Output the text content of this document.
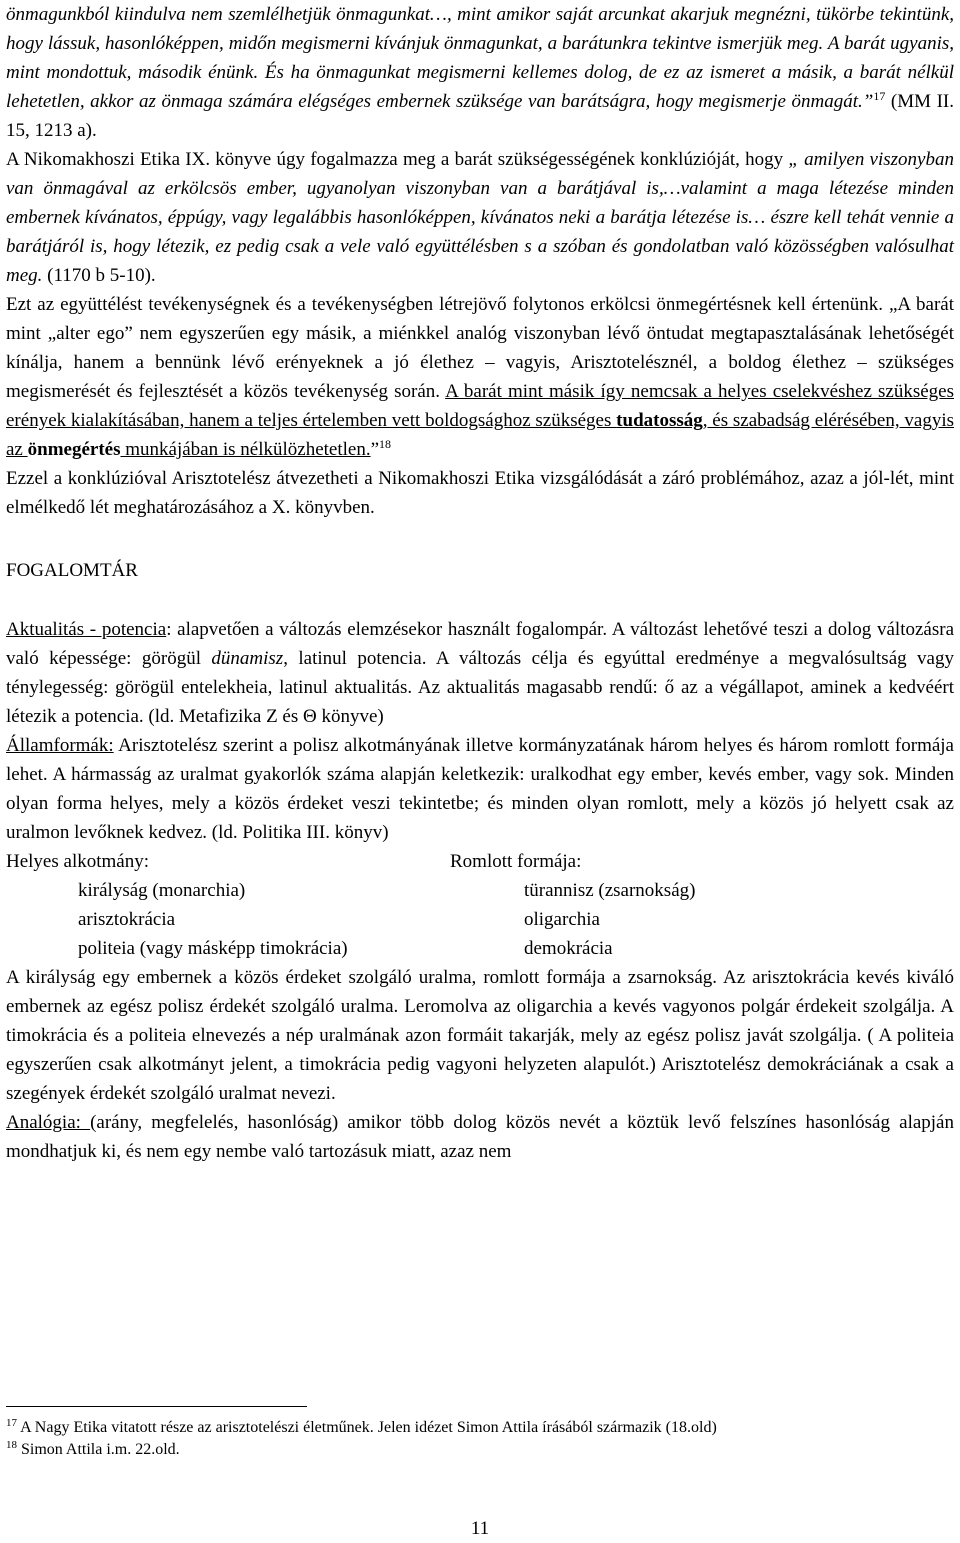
önmagunkból kiindulva nem szemlélhetjük önmagunkat…, mint amikor saját arcunkat akarjuk megnézni, tükörbe tekintünk, hogy lássuk, hasonlóképpen, midőn megismerni kívánjuk önmagunkat, a barátunkra tekintve ismerjük meg. A barát ugyanis, mint mondottuk, második énünk. És ha önmagunkat megismerni kellemes dolog, de ez az ismeret a másik, a barát nélkül lehetetlen, akkor az önmaga számára elégséges embernek szüksége van barátságra, hogy megismerje önmagát.”$^{17}$ (MM II. 15, 1213 a).

A Nikomakhoszi Etika IX. könyve úgy fogalmazza meg a barát szükségességének konklúzióját, hogy „ amilyen viszonyban van önmagával az erkölcsös ember, ugyanolyan viszonyban van a barátjával is,…valamint a maga létezése minden embernek kívánatos, éppúgy, vagy legalábbis hasonlóképpen, kívánatos neki a barátja létezése is… észre kell tehát vennie a barátjáról is, hogy létezik, ez pedig csak a vele való együttélésben s a szóban és gondolatban való közösségben valósulhat meg. (1170 b 5-10).

Ezt az együttélést tevékenységnek és a tevékenységben létrejövő folytonos erkölcsi önmegértésnek kell értenünk. „A barát mint „alter ego” nem egyszerűen egy másik, a miénkkel analóg viszonyban lévő öntudat megtapasztalásának lehetőségét kínálja, hanem a bennünk lévő erényeknek a jó élethez – vagyis, Arisztotelésznél, a boldog élethez – szükséges megismerését és fejlesztését a közös tevékenység során. A barát mint másik így nemcsak a helyes cselekvéshez szükséges erények kialakításában, hanem a teljes értelemben vett boldogsághoz szükséges tudatosság, és szabadság elérésében, vagyis az önmegértés munkájában is nélkülözhetetlen.”$^{18}$

Ezzel a konklúzióval Arisztotelész átvezetheti a Nikomakhoszi Etika vizsgálódását a záró problémához, azaz a jól-lét, mint elmélkedő lét meghatározásához a X. könyvben.

FOGALOMTÁR

Aktualitás - potencia: alapvetően a változás elemzésekor használt fogalompár. A változást lehetővé teszi a dolog változásra való képessége: görögül dünamisz, latinul potencia. A változás célja és egyúttal eredménye a megvalósultság vagy ténylegesség: görögül entelekheia, latinul aktualitás. Az aktualitás magasabb rendű: ő az a végállapot, aminek a kedvéért létezik a potencia. (ld. Metafizika Z és Θ könyve)

Államformák: Arisztotelész szerint a polisz alkotmányának illetve kormányzatának három helyes és három romlott formája lehet. A hármasság az uralmat gyakorlók száma alapján keletkezik: uralkodhat egy ember, kevés ember, vagy sok. Minden olyan forma helyes, mely a közös érdeket veszi tekintetbe; és minden olyan romlott, mely a közös jó helyett csak az uralmon levőknek kedvez. (ld. Politika III. könyv)

Helyes alkotmány:	Romlott formája:
királyság (monarchia)	türannisz (zsarnokság)
arisztokrácia	oligarchia
politeia (vagy másképp timokrácia)	demokrácia

A királyság egy embernek a közös érdeket szolgáló uralma, romlott formája a zsarnokság. Az arisztokrácia kevés kiváló embernek az egész polisz érdekét szolgáló uralma. Leromolva az oligarchia a kevés vagyonos polgár érdekeit szolgálja. A timokrácia és a politeia elnevezés a nép uralmának azon formáit takarják, mely az egész polisz javát szolgálja. ( A politeia egyszerűen csak alkotmányt jelent, a timokrácia pedig vagyoni helyzeten alapulót.) Arisztotelész demokráciának a csak a szegények érdekét szolgáló uralmat nevezi.

Analógia: (arány, megfelelés, hasonlóság) amikor több dolog közös nevét a köztük levő felszínes hasonlóság alapján mondhatjuk ki, és nem egy nembe való tartozásuk miatt, azaz nem

$^{17}$ A Nagy Etika vitatott része az arisztotelészi életműnek. Jelen idézet Simon Attila írásából származik (18.old)
$^{18}$ Simon Attila i.m. 22.old.
11
